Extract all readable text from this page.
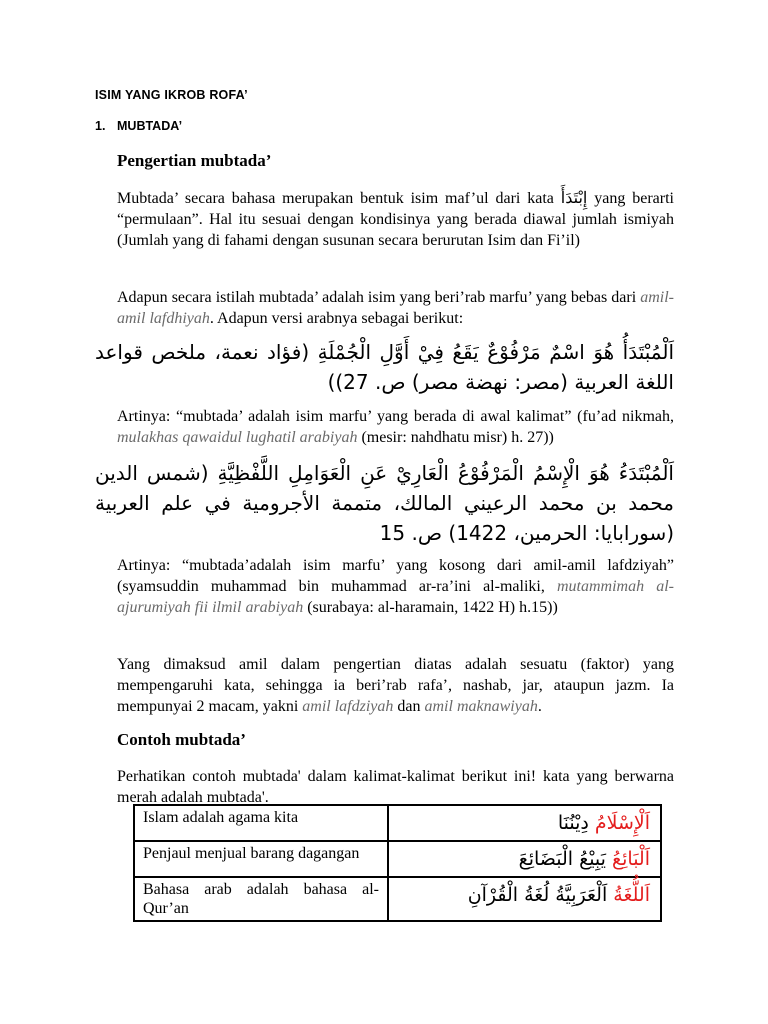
ISIM YANG IKROB ROFA’
1. MUBTADA’
Pengertian mubtada’
Mubtada’ secara bahasa merupakan bentuk isim maf’ul dari kata إِبْتَدَأَ yang berarti “permulaan”. Hal itu sesuai dengan kondisinya yang berada diawal jumlah ismiyah (Jumlah yang di fahami dengan susunan secara berurutan Isim dan Fi’il)
Adapun secara istilah mubtada’ adalah isim yang beri’rab marfu’ yang bebas dari amil-amil lafdhiyah. Adapun versi arabnya sebagai berikut:
اَلْمُبْتَدَأُ هُوَ اسْمٌ مَرْفُوْعٌ يَقَعُ فِيْ أَوَّلِ الْجُمْلَةِ (فؤاد نعمة، ملخص قواعد اللغة العربية (مصر: نهضة مصر) ص. 27))
Artinya: “mubtada’ adalah isim marfu’ yang berada di awal kalimat” (fu’ad nikmah, mulakhas qawaidul lughatil arabiyah (mesir: nahdhatu misr) h. 27))
اَلْمُبْتَدَءُ هُوَ الْإِسْمُ الْمَرْفُوْعُ الْعَارِيْ عَنِ الْعَوَامِلِ اللَّفْظِيَّةِ (شمس الدين محمد بن محمد الرعيني المالك، متممة الأجرومية في علم العربية (سورابايا: الحرمين، 1422) ص. 15
Artinya: “mubtada’adalah isim marfu’ yang kosong dari amil-amil lafdziyah” (syamsuddin muhammad bin muhammad ar-ra’ini al-maliki, mutammimah al-ajurumiyah fii ilmil arabiyah (surabaya: al-haramain, 1422 H) h.15))
Yang dimaksud amil dalam pengertian diatas adalah sesuatu (faktor) yang mempengaruhi kata, sehingga ia beri’rab rafa’, nashab, jar, ataupun jazm. Ia mempunyai 2 macam, yakni amil lafdziyah dan amil maknawiyah.
Contoh mubtada’
Perhatikan contoh mubtada' dalam kalimat-kalimat berikut ini! kata yang berwarna merah adalah mubtada'.
Islam adalah agama kita	اَلْإِسْلَامُ دِيْنُنَا
Penjaul menjual barang dagangan	اَلْبَائِعُ يَبِيْعُ الْبَضَائِعَ
Bahasa arab adalah bahasa al-Qur’an	اَللُّغَةُ اَلْعَرَبِيَّةُ لُغَةُ الْقُرْآنِ
